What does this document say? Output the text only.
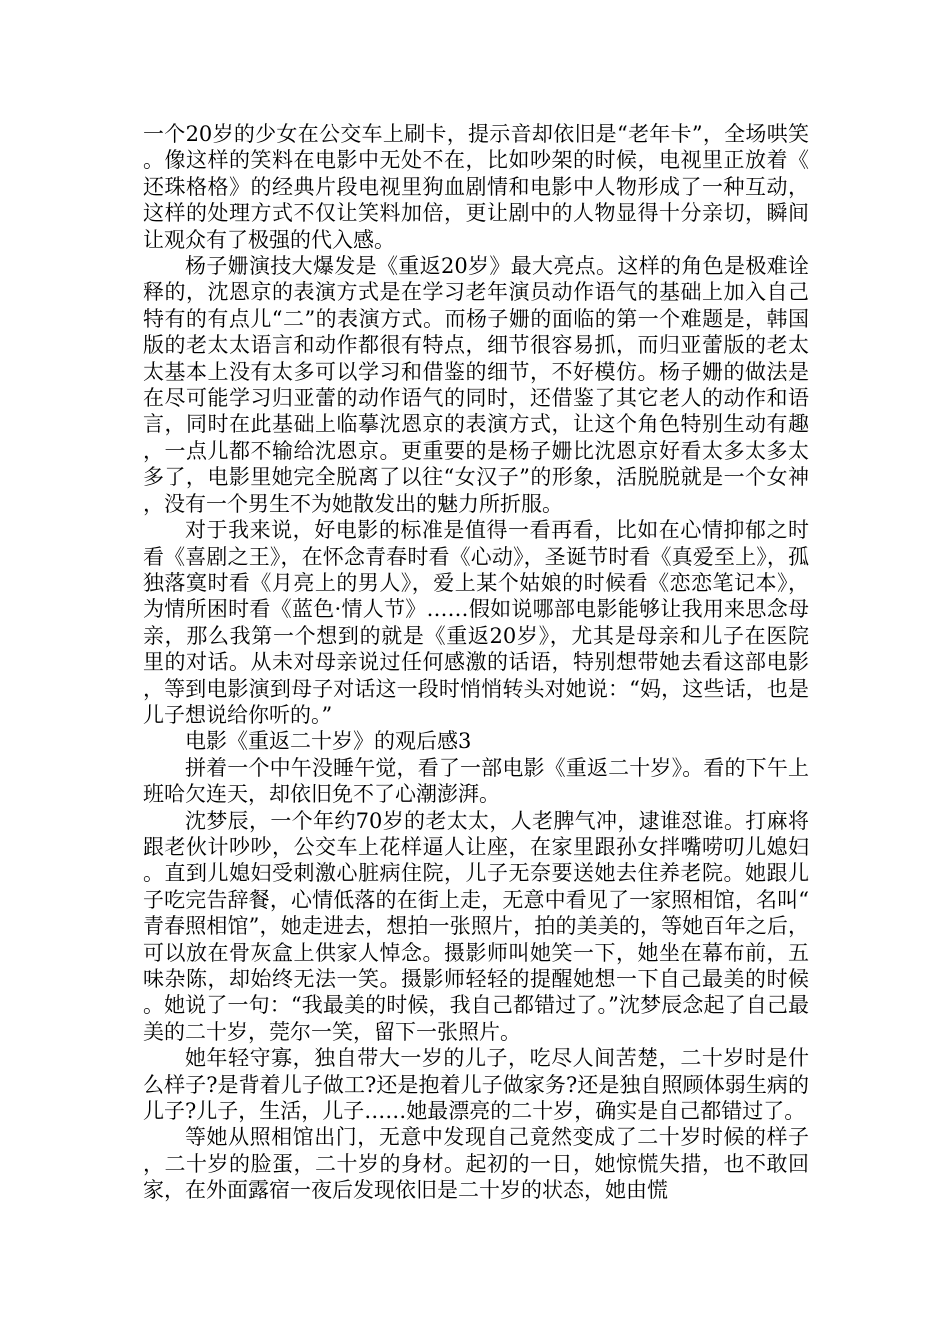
一个20岁的少女在公交车上刷卡，提示音却依旧是“老年卡”，全场哄笑。像这样的笑料在电影中无处不在，比如吵架的时候，电视里正放着《还珠格格》的经典片段电视里狗血剧情和电影中人物形成了一种互动，这样的处理方式不仅让笑料加倍，更让剧中的人物显得十分亲切，瞬间让观众有了极强的代入感。

杨子姗演技大爆发是《重返20岁》最大亮点。这样的角色是极难诠释的，沈恩京的表演方式是在学习老年演员动作语气的基础上加入自己特有的有点儿“二”的表演方式。而杨子姗的面临的第一个难题是，韩国版的老太太语言和动作都很有特点，细节很容易抓，而归亚蕾版的老太太基本上没有太多可以学习和借鉴的细节，不好模仿。杨子姗的做法是在尽可能学习归亚蕾的动作语气的同时，还借鉴了其它老人的动作和语言，同时在此基础上临摹沈恩京的表演方式，让这个角色特别生动有趣，一点儿都不输给沈恩京。更重要的是杨子姗比沈恩京好看太多太多太多了，电影里她完全脱离了以往“女汉子”的形象，活脱脱就是一个女神，没有一个男生不为她散发出的魅力所折服。

对于我来说，好电影的标准是值得一看再看，比如在心情抑郁之时看《喜剧之王》，在怀念青春时看《心动》，圣诞节时看《真爱至上》，孤独落寞时看《月亮上的男人》，爱上某个姑娘的时候看《恋恋笔记本》，为情所困时看《蓝色·情人节》……假如说哪部电影能够让我用来思念母亲，那么我第一个想到的就是《重返20岁》，尤其是母亲和儿子在医院里的对话。从未对母亲说过任何感激的话语，特别想带她去看这部电影，等到电影演到母子对话这一段时悄悄转头对她说：“妈，这些话，也是儿子想说给你听的。”

电影《重返二十岁》的观后感3

拼着一个中午没睡午觉，看了一部电影《重返二十岁》。看的下午上班哈欠连天，却依旧免不了心潮澎湃。

沈梦辰，一个年约70岁的老太太，人老脾气冲，逮谁怼谁。打麻将跟老伙计吵吵，公交车上花样逼人让座，在家里跟孙女拌嘴唠叨儿媳妇。直到儿媳妇受刺激心脏病住院，儿子无奈要送她去住养老院。她跟儿子吃完告辞餐，心情低落的在街上走，无意中看见了一家照相馆，名叫“青春照相馆”，她走进去，想拍一张照片，拍的美美的，等她百年之后，可以放在骨灰盒上供家人悼念。摄影师叫她笑一下，她坐在幕布前，五味杂陈，却始终无法一笑。摄影师轻轻的提醒她想一下自己最美的时候。她说了一句：“我最美的时候，我自己都错过了。”沈梦辰念起了自己最美的二十岁，莞尔一笑，留下一张照片。

她年轻守寡，独自带大一岁的儿子，吃尽人间苦楚，二十岁时是什么样子?是背着儿子做工?还是抱着儿子做家务?还是独自照顾体弱生病的儿子?儿子，生活，儿子……她最漂亮的二十岁，确实是自己都错过了。

等她从照相馆出门，无意中发现自己竟然变成了二十岁时候的样子，二十岁的脸蛋，二十岁的身材。起初的一日，她惊慌失措，也不敢回家，在外面露宿一夜后发现依旧是二十岁的状态，她由慌
